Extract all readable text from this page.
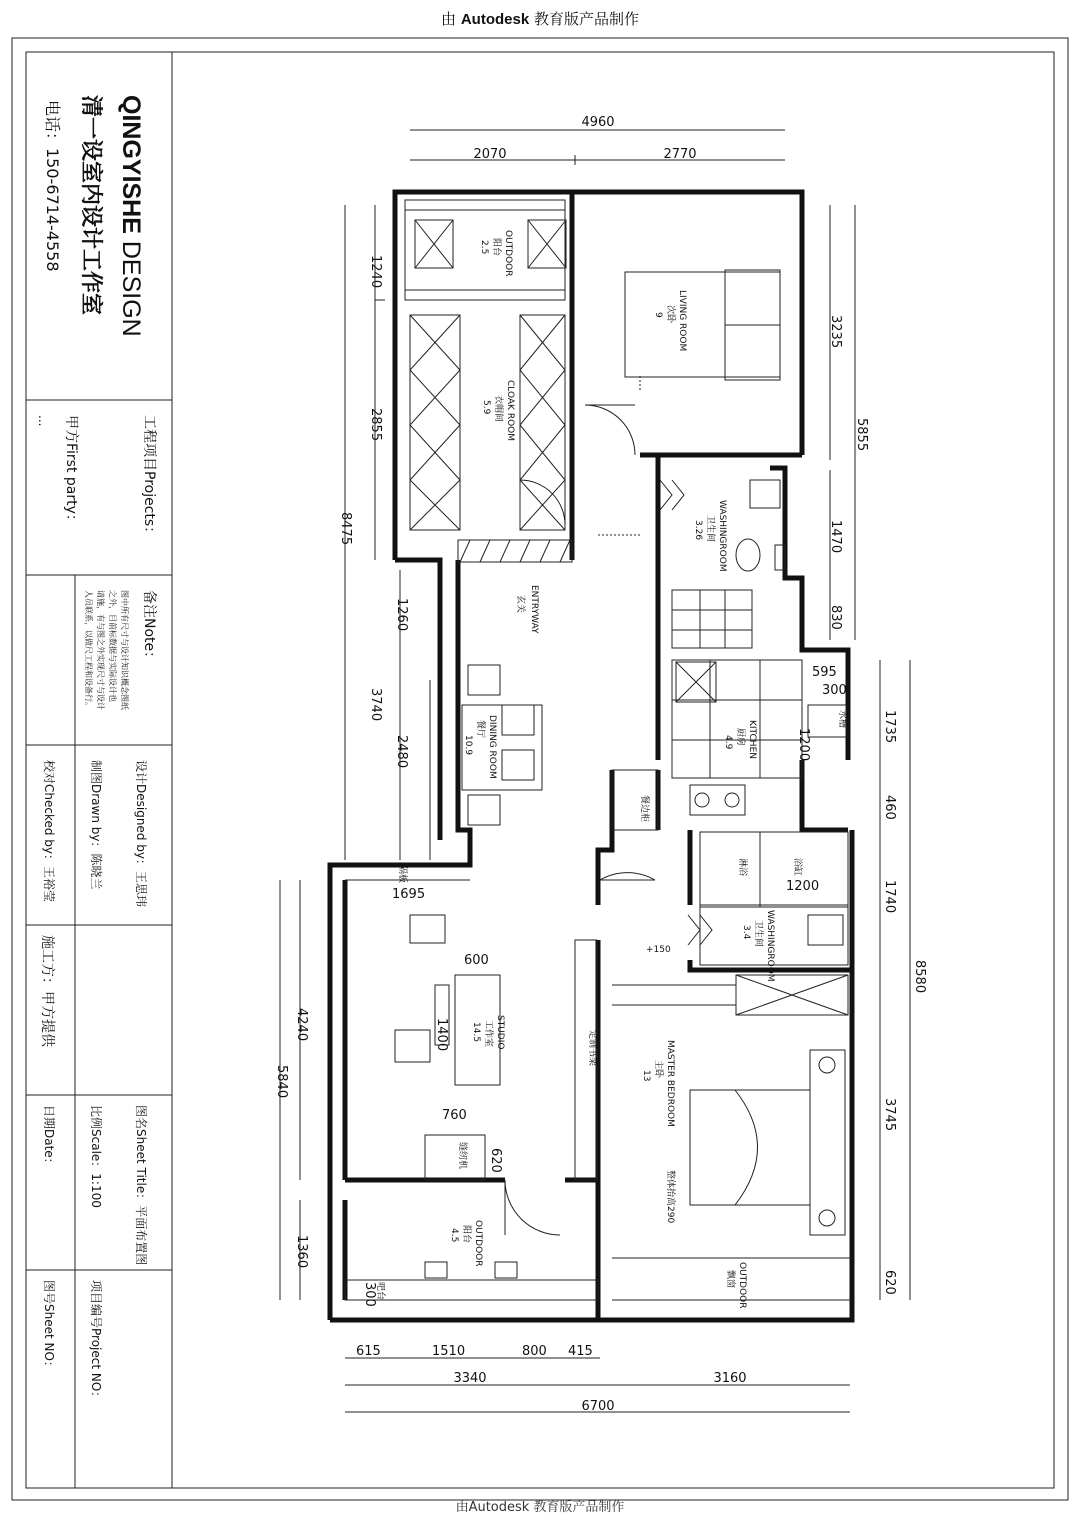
由 Autodesk 教育版产品制作
由Autodesk 教育版产品制作
4960
2070	2770
1240
2855
8475
1260
3740
2480
4240
5840
1360
3235
5855
1470
830
595
300
1735
1200
460
1740
1200
8580
3745
620
1695
600
1400
760
620
300
615	1510	800 415
3340	3160
6700
OUTDOOR
阳台
2.5
LIVING ROOM
次卧
9
CLOAK ROOM
衣帽间
5.9
WASHINGROOM
卫生间
3.26
ENTRYWAY
玄关
DINING ROOM
餐厅
10.9	KITCHEN
厨房
4.9
WASHINGROOM
卫生间
3.4
STUDIO
工作室
14.5
MASTER BEDROOM
主卧
13
OUTDOOR
阳台
4.5
OUTDOOR
飘窗
餐边柜
淋浴	浴缸
水槽
定制书架
缝纫机
整体抬高290
吧台
隔板
+150
QINGYISHE DESIGN
清一设室内设计工作室
电话：150-6714-4558
工程项目Projects：
甲方First party：
...
备注Note：
图中所有尺寸与设计知识概念图纸
之外，目前标数据与实际设计也
请施，有与图之外实现尺寸与设计
人员联系，以做尺工程和设备行。
设计Designed by：王思玮
制图Drawn by：陈晓兰
校对Checked by：王裕莹
施工方：甲方提供
图名Sheet Title：平面布置图
比例Scale：1:100
日期Date：
项目编号Project NO：
图号Sheet NO：
